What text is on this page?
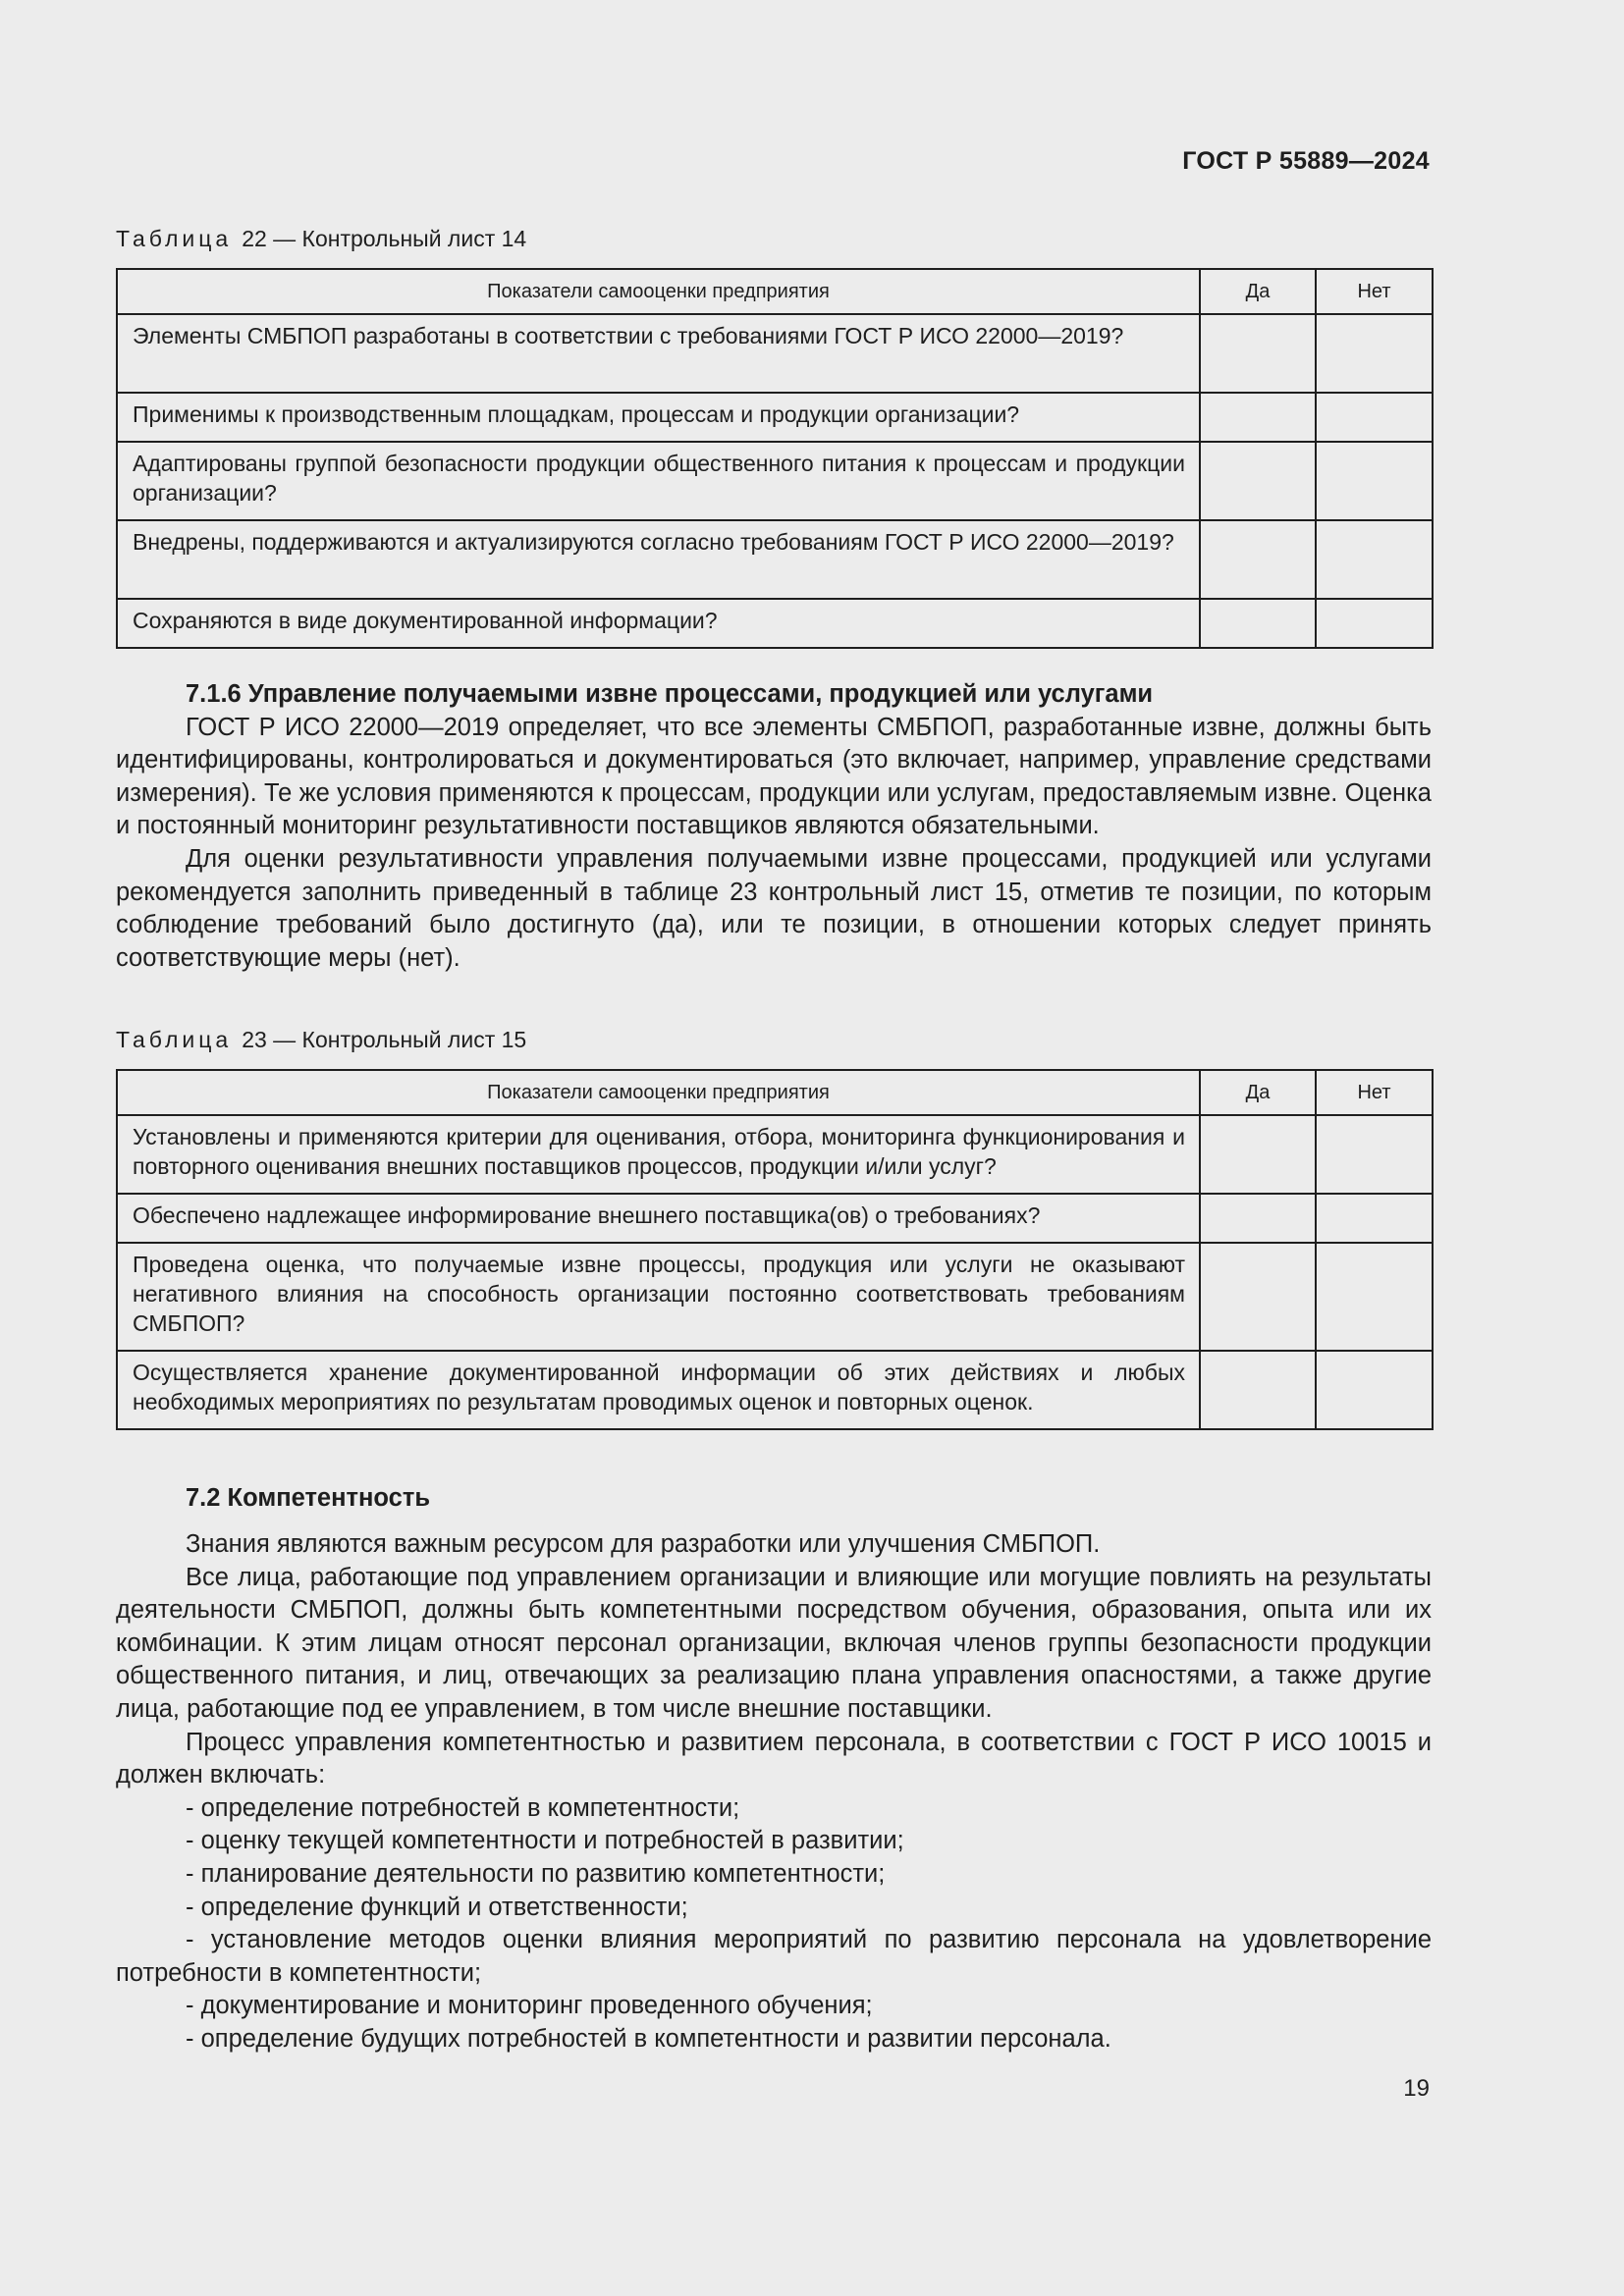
ГОСТ Р 55889—2024
Таблица 22 — Контрольный лист 14
Показатели самооценки предприятия	Да	Нет
Элементы СМБПОП разработаны в соответствии с требованиями ГОСТ Р ИСО 22000—2019?		
Применимы к производственным площадкам, процессам и продукции организации?		
Адаптированы группой безопасности продукции общественного питания к процессам и продукции организации?		
Внедрены, поддерживаются и актуализируются согласно требованиям ГОСТ Р ИСО 22000—2019?		
Сохраняются в виде документированной информации?		
7.1.6 Управление получаемыми извне процессами, продукцией или услугами

ГОСТ Р ИСО 22000—2019 определяет, что все элементы СМБПОП, разработанные извне, должны быть идентифицированы, контролироваться и документироваться (это включает, например, управление средствами измерения). Те же условия применяются к процессам, продукции или услугам, предоставляемым извне. Оценка и постоянный мониторинг результативности поставщиков являются обязательными.

Для оценки результативности управления получаемыми извне процессами, продукцией или услугами рекомендуется заполнить приведенный в таблице 23 контрольный лист 15, отметив те позиции, по которым соблюдение требований было достигнуто (да), или те позиции, в отношении которых следует принять соответствующие меры (нет).

Таблица 23 — Контрольный лист 15
Показатели самооценки предприятия	Да	Нет
Установлены и применяются критерии для оценивания, отбора, мониторинга функционирования и повторного оценивания внешних поставщиков процессов, продукции и/или услуг?		
Обеспечено надлежащее информирование внешнего поставщика(ов) о требованиях?		
Проведена оценка, что получаемые извне процессы, продукция или услуги не оказывают негативного влияния на способность организации постоянно соответствовать требованиям СМБПОП?		
Осуществляется хранение документированной информации об этих действиях и любых необходимых мероприятиях по результатам проводимых оценок и повторных оценок.		
7.2 Компетентность

Знания являются важным ресурсом для разработки или улучшения СМБПОП.

Все лица, работающие под управлением организации и влияющие или могущие повлиять на результаты деятельности СМБПОП, должны быть компетентными посредством обучения, образования, опыта или их комбинации. К этим лицам относят персонал организации, включая членов группы безопасности продукции общественного питания, и лиц, отвечающих за реализацию плана управления опасностями, а также другие лица, работающие под ее управлением, в том числе внешние поставщики.

Процесс управления компетентностью и развитием персонала, в соответствии с ГОСТ Р ИСО 10015 и должен включать:

- определение потребностей в компетентности;
- оценку текущей компетентности и потребностей в развитии;
- планирование деятельности по развитию компетентности;
- определение функций и ответственности;
- установление методов оценки влияния мероприятий по развитию персонала на удовлетворение потребности в компетентности;
- документирование и мониторинг проведенного обучения;
- определение будущих потребностей в компетентности и развитии персонала.
19
